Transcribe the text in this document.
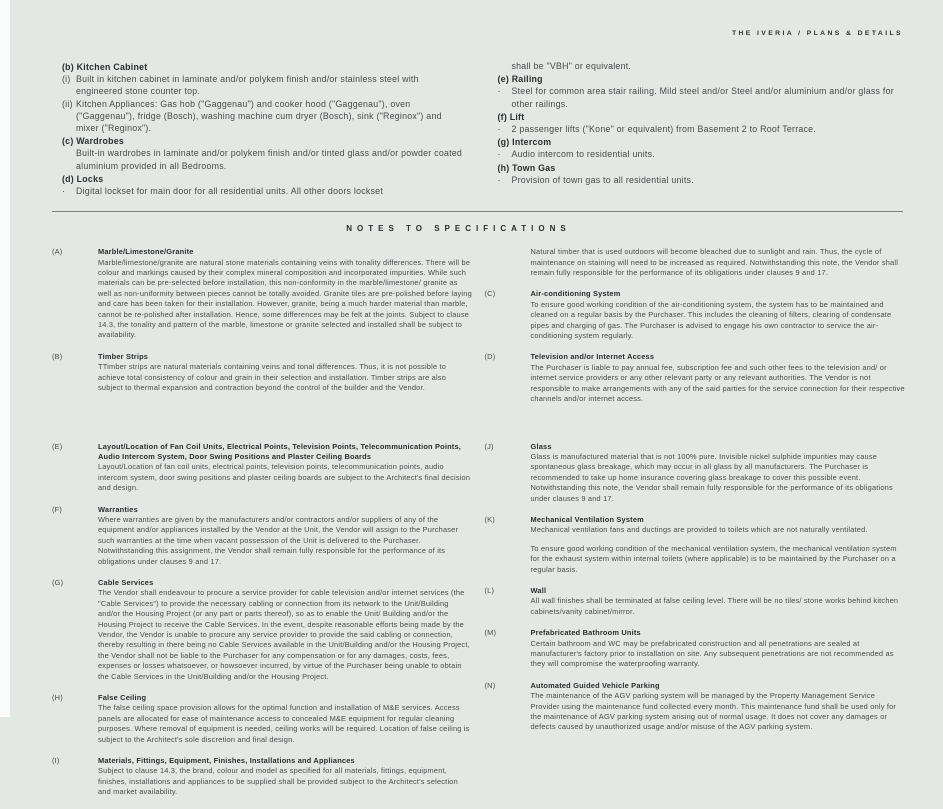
THE IVERIA / PLANS & DETAILS
(b) Kitchen Cabinet
(i) Built in kitchen cabinet in laminate and/or polykem finish and/or stainless steel with engineered stone counter top.
(ii) Kitchen Appliances: Gas hob ("Gaggenau") and cooker hood ("Gaggenau"), oven ("Gaggenau"), fridge (Bosch), washing machine cum dryer (Bosch), sink ("Reginox") and mixer ("Reginox").
(c) Wardrobes
Built-in wardrobes in laminate and/or polykem finish and/or tinted glass and/or powder coated aluminium provided in all Bedrooms.
(d) Locks
·	Digital lockset for main door for all residential units. All other doors lockset
shall be "VBH" or equivalent.
(e) Railing
·	Steel for common area stair railing. Mild steel and/or Steel and/or aluminium and/or glass for other railings.
(f) Lift
·	2 passenger lifts ("Kone" or equivalent) from Basement 2 to Roof Terrace.
(g) Intercom
·	Audio intercom to residential units.
(h) Town Gas
·	Provision of town gas to all residential units.
NOTES TO SPECIFICATIONS
(A)	Marble/Limestone/Granite
Marble/limestone/granite are natural stone materials containing veins with tonality differences. There will be colour and markings caused by their complex mineral composition and incorporated impurities. While such materials can be pre-selected before installation, this non-conformity in the marble/limestone/ granite as well as non-uniformity between pieces cannot be totally avoided. Granite tiles are pre-polished before laying and care has been taken for their installation. However, granite, being a much harder material than marble, cannot be re-polished after installation. Hence, some differences may be felt at the joints. Subject to clause 14.3, the tonality and pattern of the marble, limestone or granite selected and installed shall be subject to availability.
(B)	Timber Strips
TTimber strips are natural materials containing veins and tonal differences. Thus, it is not possible to achieve total consistency of colour and grain in their selection and installation. Timber strips are also subject to thermal expansion and contraction beyond the control of the builder and the Vendor.
Natural timber that is used outdoors will become bleached due to sunlight and rain. Thus, the cycle of maintenance on staining will need to be increased as required. Notwithstanding this note, the Vendor shall remain fully responsible for the performance of its obligations under clauses 9 and 17.
(C)	Air-conditioning System
To ensure good working condition of the air-conditioning system, the system has to be maintained and cleaned on a regular basis by the Purchaser. This includes the cleaning of filters, clearing of condensate pipes and charging of gas. The Purchaser is advised to engage his own contractor to service the air-conditioning system regularly.
(D)	Television and/or Internet Access
The Purchaser is liable to pay annual fee, subscription fee and such other fees to the television and/ or internet service providers or any other relevant party or any relevant authorities. The Vendor is not responsible to make arrangements with any of the said parties for the service connection for their respective channels and/or internet access.
(E)	Layout/Location of Fan Coil Units, Electrical Points, Television Points, Telecommunication Points, Audio Intercom System, Door Swing Positions and Plaster Ceiling Boards
Layout/Location of fan coil units, electrical points, television points, telecommunication points, audio intercom system, door swing positions and plaster ceiling boards are subject to the Architect's final decision and design.
(F)	Warranties
Where warranties are given by the manufacturers and/or contractors and/or suppliers of any of the equipment and/or appliances installed by the Vendor at the Unit, the Vendor will assign to the Purchaser such warranties at the time when vacant possession of the Unit is delivered to the Purchaser. Notwithstanding this assignment, the Vendor shall remain fully responsible for the performance of its obligations under clauses 9 and 17.
(G)	Cable Services
The Vendor shall endeavour to procure a service provider for cable television and/or internet services (the "Cable Services") to provide the necessary cabling or connection from its network to the Unit/Building and/or the Housing Project (or any part or parts thereof), so as to enable the Unit/ Building and/or the Housing Project to receive the Cable Services. In the event, despite reasonable efforts being made by the Vendor, the Vendor is unable to procure any service provider to provide the said cabling or connection, thereby resulting in there being no Cable Services available in the Unit/Building and/or the Housing Project, the Vendor shall not be liable to the Purchaser for any compensation or for any damages, costs, fees, expenses or losses whatsoever, or howsoever incurred, by virtue of the Purchaser being unable to obtain the Cable Services in the Unit/Building and/or the Housing Project.
(H)	False Ceiling
The false ceiling space provision allows for the optimal function and installation of M&E services. Access panels are allocated for ease of maintenance access to concealed M&E equipment for regular cleaning purposes. Where removal of equipment is needed, ceiling works will be required. Location of false ceiling is subject to the Architect's sole discretion and final design.
(I)	Materials, Fittings, Equipment, Finishes, Installations and Appliances
Subject to clause 14.3, the brand, colour and model as specified for all materials, fittings, equipment, finishes, installations and appliances to be supplied shall be provided subject to the Architect's selection and market availability.
(J)	Glass
Glass is manufactured material that is not 100% pure. Invisible nickel sulphide impurities may cause spontaneous glass breakage, which may occur in all glass by all manufacturers. The Purchaser is recommended to take up home insurance covering glass breakage to cover this possible event. Notwithstanding this note, the Vendor shall remain fully responsible for the performance of its obligations under clauses 9 and 17.
(K)	Mechanical Ventilation System
Mechanical ventilation fans and ductings are provided to toilets which are not naturally ventilated.
To ensure good working condition of the mechanical ventilation system, the mechanical ventilation system for the exhaust system within internal toilets (where applicable) is to be maintained by the Purchaser on a regular basis.
(L)	Wall
All wall finishes shall be terminated at false ceiling level. There will be no tiles/ stone works behind kitchen cabinets/vanity cabinet/mirror.
(M)	Prefabricated Bathroom Units
Certain bathroom and WC may be prefabricated construction and all penetrations are sealed at manufacturer's factory prior to installation on site. Any subsequent penetrations are not recommended as they will compromise the waterproofing warranty.
(N)	Automated Guided Vehicle Parking
The maintenance of the AGV parking system will be managed by the Property Management Service Provider using the maintenance fund collected every month. This maintenance fund shall be used only for the maintenance of AGV parking system arising out of normal usage. It does not cover any damages or defects caused by unauthorized usage and/or misuse of the AGV parking system.
